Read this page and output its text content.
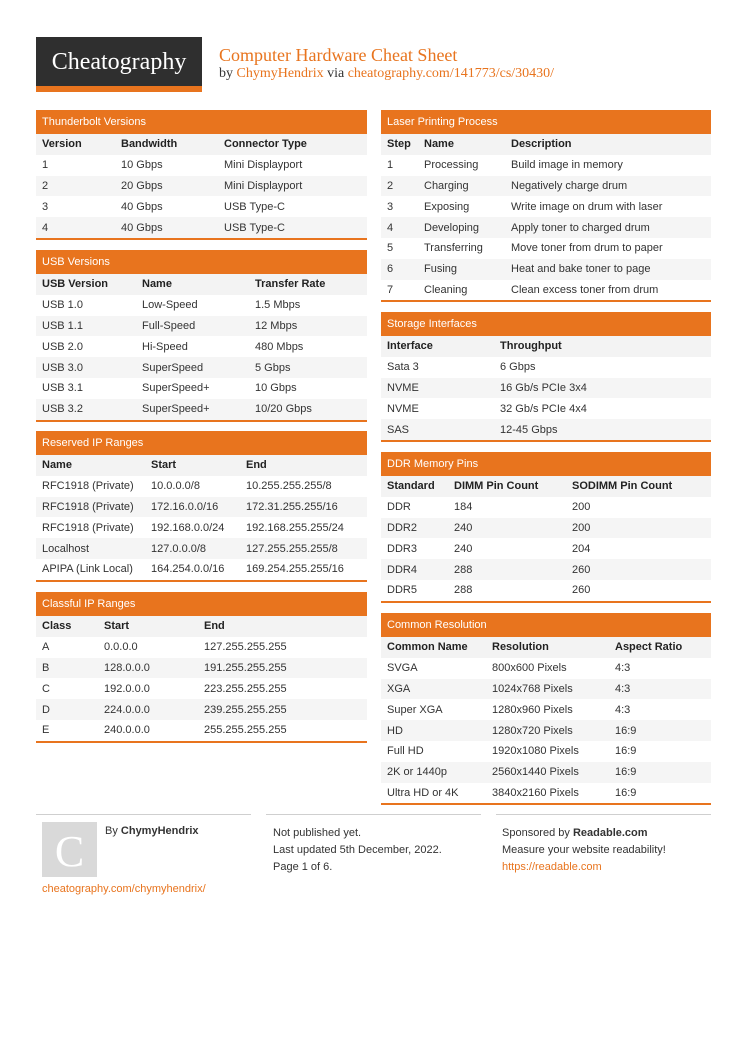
Cheatography	Computer Hardware Cheat Sheet
by ChymyHendrix via cheatography.com/141773/cs/30430/
Thunderbolt Versions
Version	Bandwidth	Connector Type
1	10 Gbps	Mini Displayport
2	20 Gbps	Mini Displayport
3	40 Gbps	USB Type-C
4	40 Gbps	USB Type-C
USB Versions
USB Version	Name	Transfer Rate
USB 1.0	Low-Speed	1.5 Mbps
USB 1.1	Full-Speed	12 Mbps
USB 2.0	Hi-Speed	480 Mbps
USB 3.0	SuperSpeed	5 Gbps
USB 3.1	SuperSpeed+	10 Gbps
USB 3.2	SuperSpeed+	10/20 Gbps
Reserved IP Ranges
Name	Start	End
RFC1918 (Private)	10.0.0.0/8	10.255.255.255/8
RFC1918 (Private)	172.16.0.0/16	172.31.255.255/16
RFC1918 (Private)	192.168.0.0/24	192.168.255.255/24
Localhost	127.0.0.0/8	127.255.255.255/8
APIPA (Link Local)	164.254.0.0/16	169.254.255.255/16
Classful IP Ranges
Class	Start	End
A	0.0.0.0	127.255.255.255
B	128.0.0.0	191.255.255.255
C	192.0.0.0	223.255.255.255
D	224.0.0.0	239.255.255.255
E	240.0.0.0	255.255.255.255
Laser Printing Process
Step	Name	Description
1	Processing	Build image in memory
2	Charging	Negatively charge drum
3	Exposing	Write image on drum with laser
4	Developing	Apply toner to charged drum
5	Transferring	Move toner from drum to paper
6	Fusing	Heat and bake toner to page
7	Cleaning	Clean excess toner from drum
Storage Interfaces
Interface	Throughput
Sata 3	6 Gbps
NVME	16 Gb/s PCIe 3x4
NVME	32 Gb/s PCIe 4x4
SAS	12-45 Gbps
DDR Memory Pins
Standard	DIMM Pin Count	SODIMM Pin Count
DDR	184	200
DDR2	240	200
DDR3	240	204
DDR4	288	260
DDR5	288	260
Common Resolution
Common Name	Resolution	Aspect Ratio
SVGA	800x600 Pixels	4:3
XGA	1024x768 Pixels	4:3
Super XGA	1280x960 Pixels	4:3
HD	1280x720 Pixels	16:9
Full HD	1920x1080 Pixels	16:9
2K or 1440p	2560x1440 Pixels	16:9
Ultra HD or 4K	3840x2160 Pixels	16:9
C	By ChymyHendrix
cheatography.com/chymyhendrix/
Not published yet.
Last updated 5th December, 2022.
Page 1 of 6.
Sponsored by Readable.com
Measure your website readability!
https://readable.com
